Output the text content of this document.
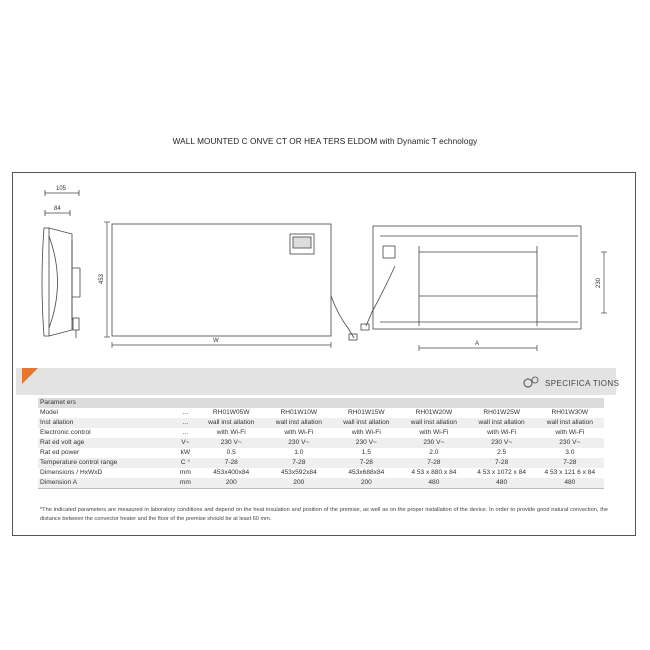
WALL MOUNTED C ONVE CT OR HEA TERS ELDOM with Dynamic T echnology
105
84
453
W	A
230
SPECIFICA TIONS
Paramet ers							
Model	...	RH01W05W	RH01W10W	RH01W15W	RH01W20W	RH01W25W	RH01W30W
Inst allation	...	wall inst allation	wall inst allation	wall inst allation	wall inst allation	wall inst allation	wall inst allation
Electronic control	...	with Wi-Fi	with Wi-Fi	with Wi-Fi	with Wi-Fi	with Wi-Fi	with Wi-Fi
Rat ed volt age	V~	230 V~	230 V~	230 V~	230 V~	230 V~	230 V~
Rat ed power	kW	0.5	1.0	1.5	2.0	2.5	3.0
Temperature control range	C °	7-28	7-28	7-28	7-28	7-28	7-28
Dimensions / HxWxD	mm	453x400x84	453x592x84	453x688x84	4 53 x 880 x 84	4 53 x 1072 x 84	4 53 x 121 6 x 84
Dimension A	mm	200	200	200	480	480	480
*The indicated parameters are measured in laboratory conditions and depend on the heat insulation and position of the premise, as well as on the proper installation of the device. In order to provide good natural convection, the distance between the convector heater and the floor of the premise should be at least 60 mm.
